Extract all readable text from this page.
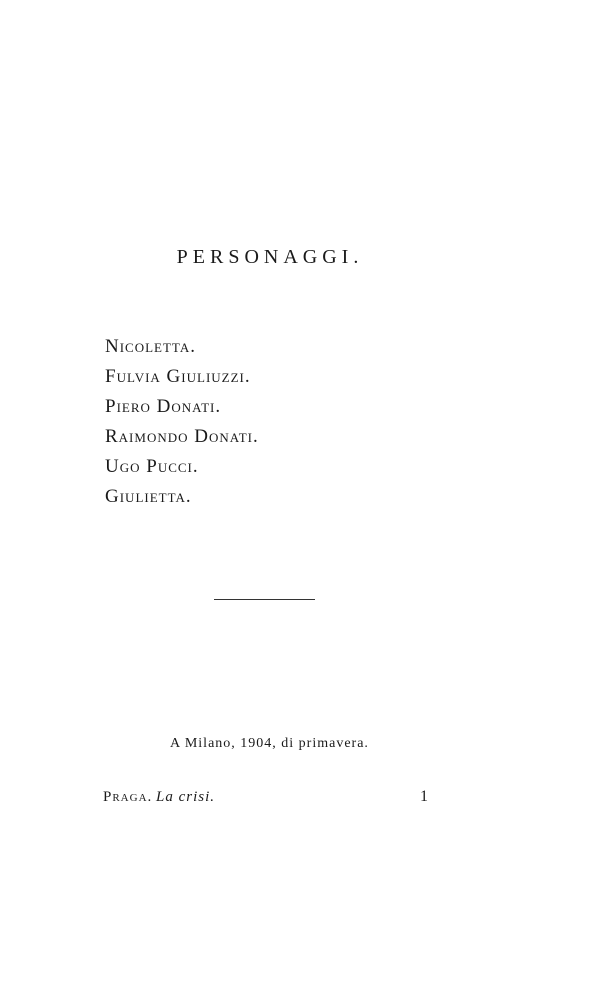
PERSONAGGI.
Nicoletta.
Fulvia Giuliuzzi.
Piero Donati.
Raimondo Donati.
Ugo Pucci.
Giulietta.
A Milano, 1904, di primavera.
Praga. La crisi.	1
